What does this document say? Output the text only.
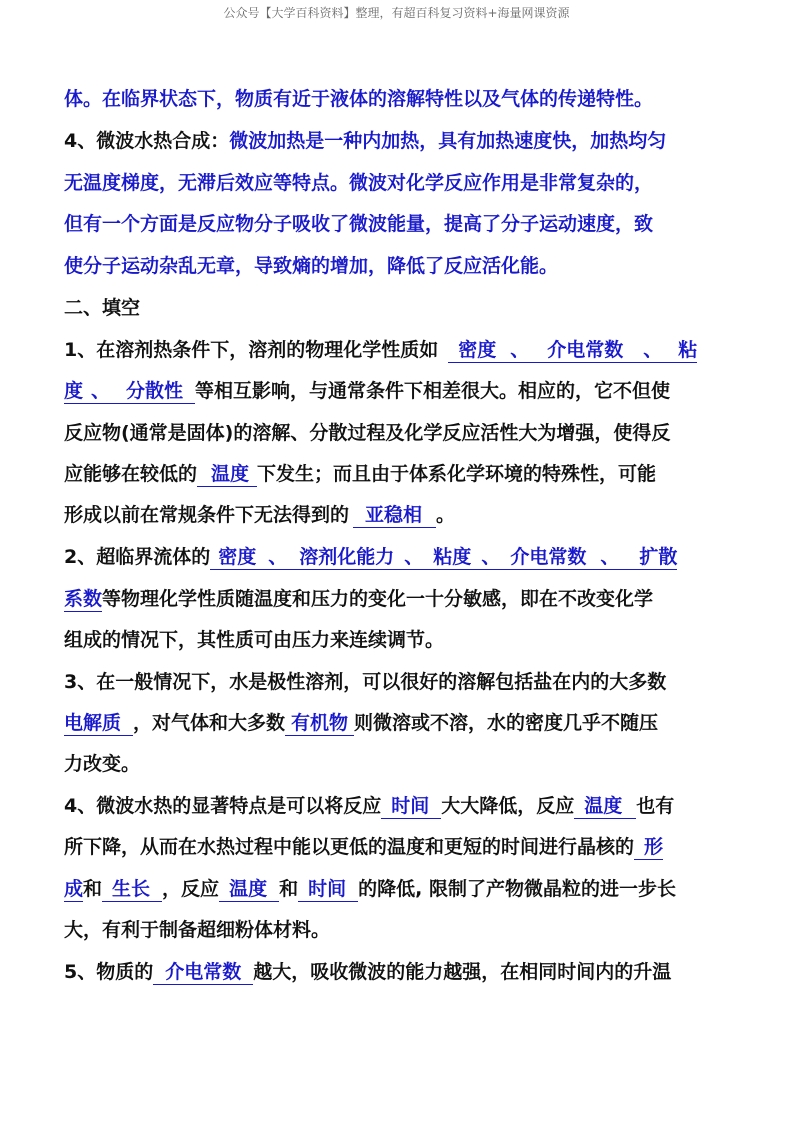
公众号【大学百科资料】整理，有超百科复习资料+海量网课资源
体。在临界状态下，物质有近于液体的溶解特性以及气体的传递特性。
4、微波水热合成：微波加热是一种内加热，具有加热速度快，加热均匀
无温度梯度，无滞后效应等特点。微波对化学反应作用是非常复杂的，
但有一个方面是反应物分子吸收了微波能量，提高了分子运动速度，致
使分子运动杂乱无章，导致熵的增加，降低了反应活化能。
二、填空
1、在溶剂热条件下，溶剂的物理化学性质如 密度 、 介电常数 、 粘
度 、 分散性 等相互影响，与通常条件下相差很大。相应的，它不但使
反应物(通常是固体)的溶解、分散过程及化学反应活性大为增强，使得反
应能够在较低的 温度 下发生；而且由于体系化学环境的特殊性，可能
形成以前在常规条件下无法得到的 亚稳相 。
2、超临界流体的 密度 、 溶剂化能力 、 粘度 、 介电常数 、 扩散
系数等物理化学性质随温度和压力的变化一十分敏感，即在不改变化学
组成的情况下，其性质可由压力来连续调节。
3、在一般情况下，水是极性溶剂，可以很好的溶解包括盐在内的大多数
电解质 ，对气体和大多数 有机物 则微溶或不溶，水的密度几乎不随压
力改变。
4、微波水热的显著特点是可以将反应 时间 大大降低，反应 温度 也有
所下降，从而在水热过程中能以更低的温度和更短的时间进行晶核的 形
成和 生长 ，反应 温度 和 时间 的降低, 限制了产物微晶粒的进一步长
大，有利于制备超细粉体材料。
5、物质的 介电常数 越大，吸收微波的能力越强，在相同时间内的升温
